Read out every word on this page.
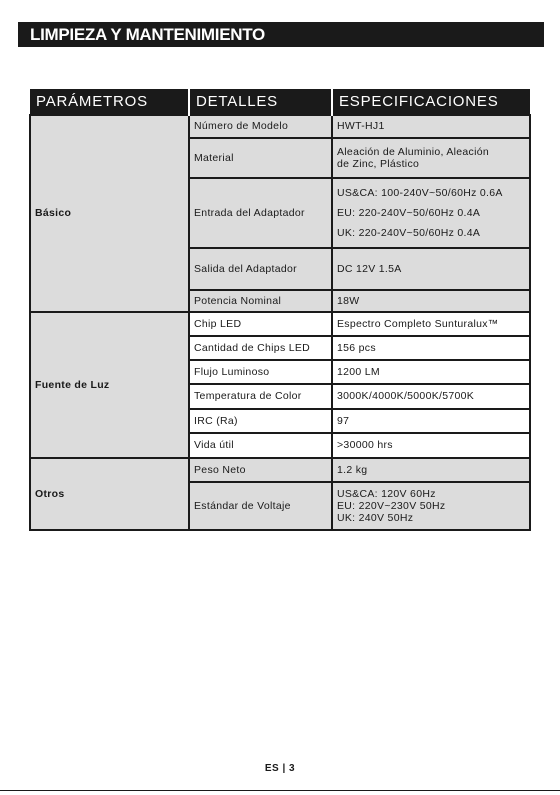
LIMPIEZA Y MANTENIMIENTO
PARÁMETROS	DETALLES	ESPECIFICACIONES
Básico	Número de Modelo	HWT-HJ1

	Material	Aleación de Aluminio, Aleación
de Zinc, Plástico

	Entrada del Adaptador	US&CA: 100-240V~50/60Hz 0.6A
EU: 220-240V~50/60Hz 0.4A
UK: 220-240V~50/60Hz 0.4A

	Salida del Adaptador	DC 12V 1.5A

	Potencia Nominal	18W

Fuente de Luz	Chip LED	Espectro Completo Sunturalux™

	Cantidad de Chips LED	156 pcs

	Flujo Luminoso	1200 LM

	Temperatura de Color	3000K/4000K/5000K/5700K

	IRC (Ra)	97

	Vida útil	>30000 hrs

Otros	Peso Neto	1.2 kg

	Estándar de Voltaje	US&CA: 120V 60Hz
EU: 220V~230V 50Hz
UK: 240V 50Hz
ES | 3
